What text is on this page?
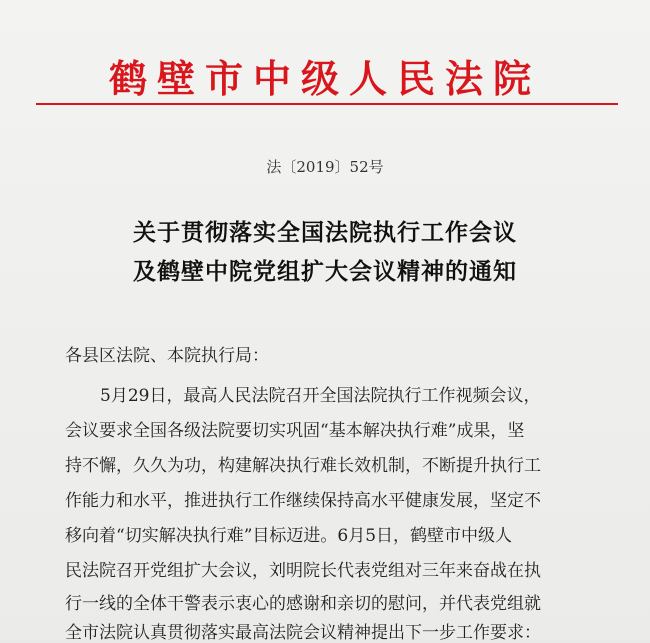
鹤壁市中级人民法院
法〔2019〕52号
关于贯彻落实全国法院执行工作会议
及鹤壁中院党组扩大会议精神的通知
各县区法院、本院执行局：
5月29日，最高人民法院召开全国法院执行工作视频会议，
会议要求全国各级法院要切实巩固“基本解决执行难”成果，坚
持不懈，久久为功，构建解决执行难长效机制，不断提升执行工
作能力和水平，推进执行工作继续保持高水平健康发展，坚定不
移向着“切实解决执行难”目标迈进。6月5日，鹤壁市中级人
民法院召开党组扩大会议，刘明院长代表党组对三年来奋战在执
行一线的全体干警表示衷心的感谢和亲切的慰问，并代表党组就
全市法院认真贯彻落实最高法院会议精神提出下一步工作要求：
